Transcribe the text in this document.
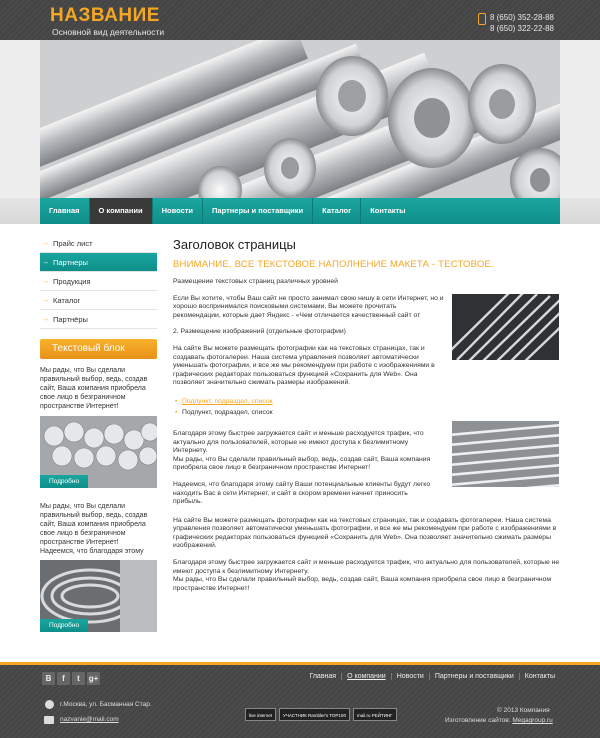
НАЗВАНИЕ
Основной вид деятельности
8 (650) 352-28-88
8 (650) 322-22-88
Главная	О компании	Новости	Партнеры и поставщики	Каталог	Контакты
→ Прайс лист
→ Партнеры
→ Продукция
→ Каталог
→ Партнёры
Текстовый блок
Мы рады, что Вы сделали правильный выбор, ведь, создав сайт, Ваша компания приобрела свое лицо в безграничном пространстве Интернет!
Подробно
Мы рады, что Вы сделали правильный выбор, ведь, создав сайт, Ваша компания приобрела свое лицо в безграничном пространстве Интернет! Надеемся, что благодаря этому
Подробно
Заголовок страницы
ВНИМАНИЕ, ВСЕ ТЕКСТОВОЕ НАПОЛНЕНИЕ МАКЕТА - ТЕСТОВОЕ.
Размещение текстовых страниц различных уровней
Если Вы хотите, чтобы Ваш сайт не просто занимал свою нишу в сети Интернет, но и хорошо воспринимался поисковыми системами, Вы можете прочитать рекомендации, которые дает Яндекс - «Чем отличается качественный сайт от
2. Размещение изображений (отдельные фотографии)
На сайте Вы можете размещать фотографии как на текстовых страницах, так и создавать фотогалереи. Наша система управления позволяет автоматически уменьшать фотографии, и все же мы рекомендуем при работе с изображениями в графических редакторах пользоваться функцией «Сохранить для Web». Она позволяет значительно сжимать размеры изображений.
• Подпункт, подраздел, список
• Подпункт, подраздел, список
Благодаря этому быстрее загружается сайт и меньше расходуется трафик, что актуально для пользователей, которые не имеют доступа к безлимитному Интернету.
Мы рады, что Вы сделали правильный выбор, ведь, создав сайт, Ваша компания приобрела свое лицо в безграничном пространстве Интернет!
Надеемся, что благодаря этому сайту Ваши потенциальные клиенты будут легко находить Вас в сети Интернет, и сайт в скором времени начнет приносить прибыль.
На сайте Вы можете размещать фотографии как на текстовых страницах, так и создавать фотогалереи. Наша система управления позволяет автоматически уменьшать фотографии, и все же мы рекомендуем при работе с изображениями в графических редакторах пользоваться функцией «Сохранить для Web». Она позволяет значительно сжимать размеры изображений.
Благодаря этому быстрее загружается сайт и меньше расходуется трафик, что актуально для пользователей, которые не имеют доступа к безлимитному Интернету.
Мы рады, что Вы сделали правильный выбор, ведь, создав сайт, Ваша компания приобрела свое лицо в безграничном пространстве Интернет!
В	f	t	g+	Главная	О компании	Новости	Партнеры и поставщики	Контакты
г.Москва, ул. Басманная Стар.
nazvanie@mail.com
live internet	УЧАСТНИК Rambler's TOP100	mail.ru РЕЙТИНГ
© 2013 Компания
Изготовление сайтов: Megagroup.ru
